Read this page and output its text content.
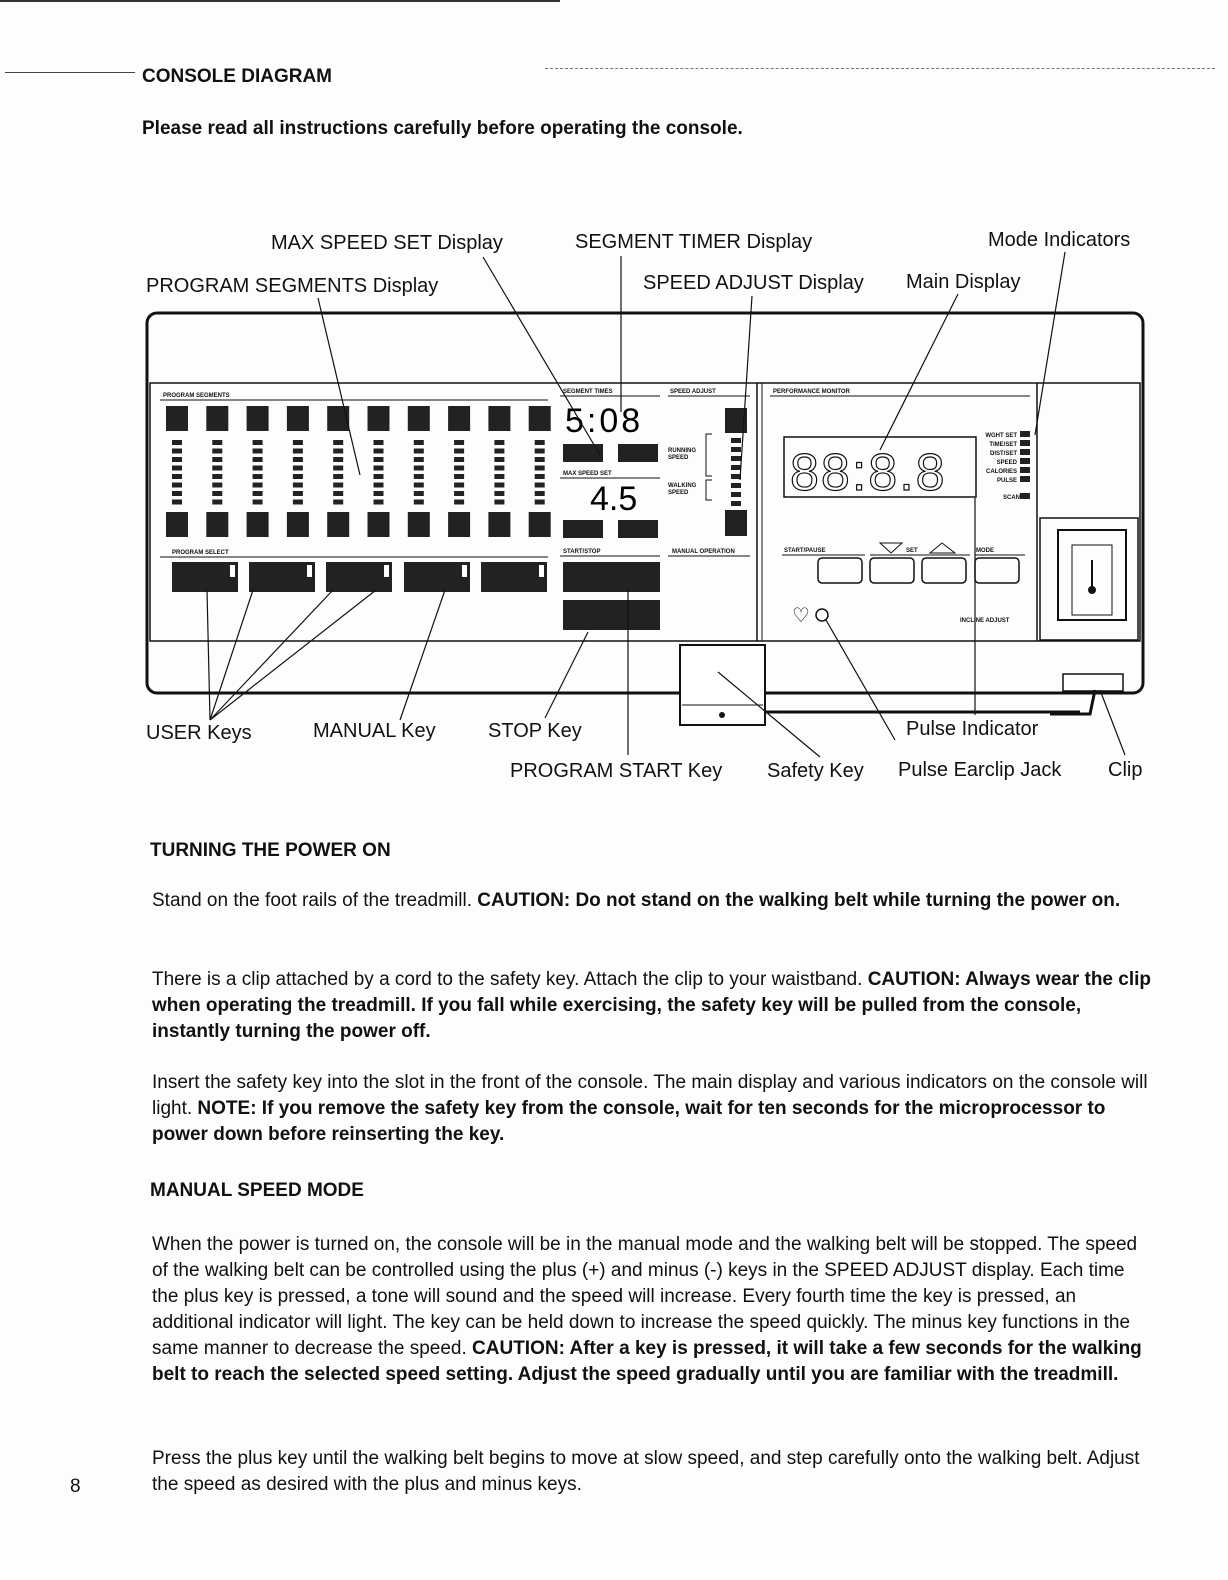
CONSOLE DIAGRAM
Please read all instructions carefully before operating the console.
PROGRAM SEGMENTS
PROGRAM SELECT
SEGMENT TIMES
5:08
MAX SPEED SET
4.5
START/STOP
SPEED ADJUST
RUNNING
SPEED
WALKING
SPEED
MANUAL OPERATION
PERFORMANCE MONITOR
88:8.8
WGHT SET
TIME/SET
DIST/SET
SPEED
CALORIES
PULSE
SCAN
START/PAUSE	SET	MODE
♡	INCLINE ADJUST
MAX SPEED SET Display	SEGMENT TIMER Display	Mode Indicators
PROGRAM SEGMENTS Display	SPEED ADJUST Display Main Display
USER Keys	MANUAL Key	STOP Key	Pulse Indicator
PROGRAM START Key Safety Key Pulse Earclip Jack Clip
TURNING THE POWER ON
Stand on the foot rails of the treadmill. CAUTION: Do not stand on the walking belt while turning the power on.
There is a clip attached by a cord to the safety key. Attach the clip to your waistband. CAUTION: Always wear the clip when operating the treadmill. If you fall while exercising, the safety key will be pulled from the console, instantly turning the power off.
Insert the safety key into the slot in the front of the console. The main display and various indicators on the console will light. NOTE: If you remove the safety key from the console, wait for ten seconds for the microprocessor to power down before reinserting the key.
MANUAL SPEED MODE
When the power is turned on, the console will be in the manual mode and the walking belt will be stopped. The speed of the walking belt can be controlled using the plus (+) and minus (-) keys in the SPEED ADJUST display. Each time the plus key is pressed, a tone will sound and the speed will increase. Every fourth time the key is pressed, an additional indicator will light. The key can be held down to increase the speed quickly. The minus key functions in the same manner to decrease the speed. CAUTION: After a key is pressed, it will take a few seconds for the walking belt to reach the selected speed setting. Adjust the speed gradually until you are familiar with the treadmill.
Press the plus key until the walking belt begins to move at slow speed, and step carefully onto the walking belt. Adjust the speed as desired with the plus and minus keys.
8
